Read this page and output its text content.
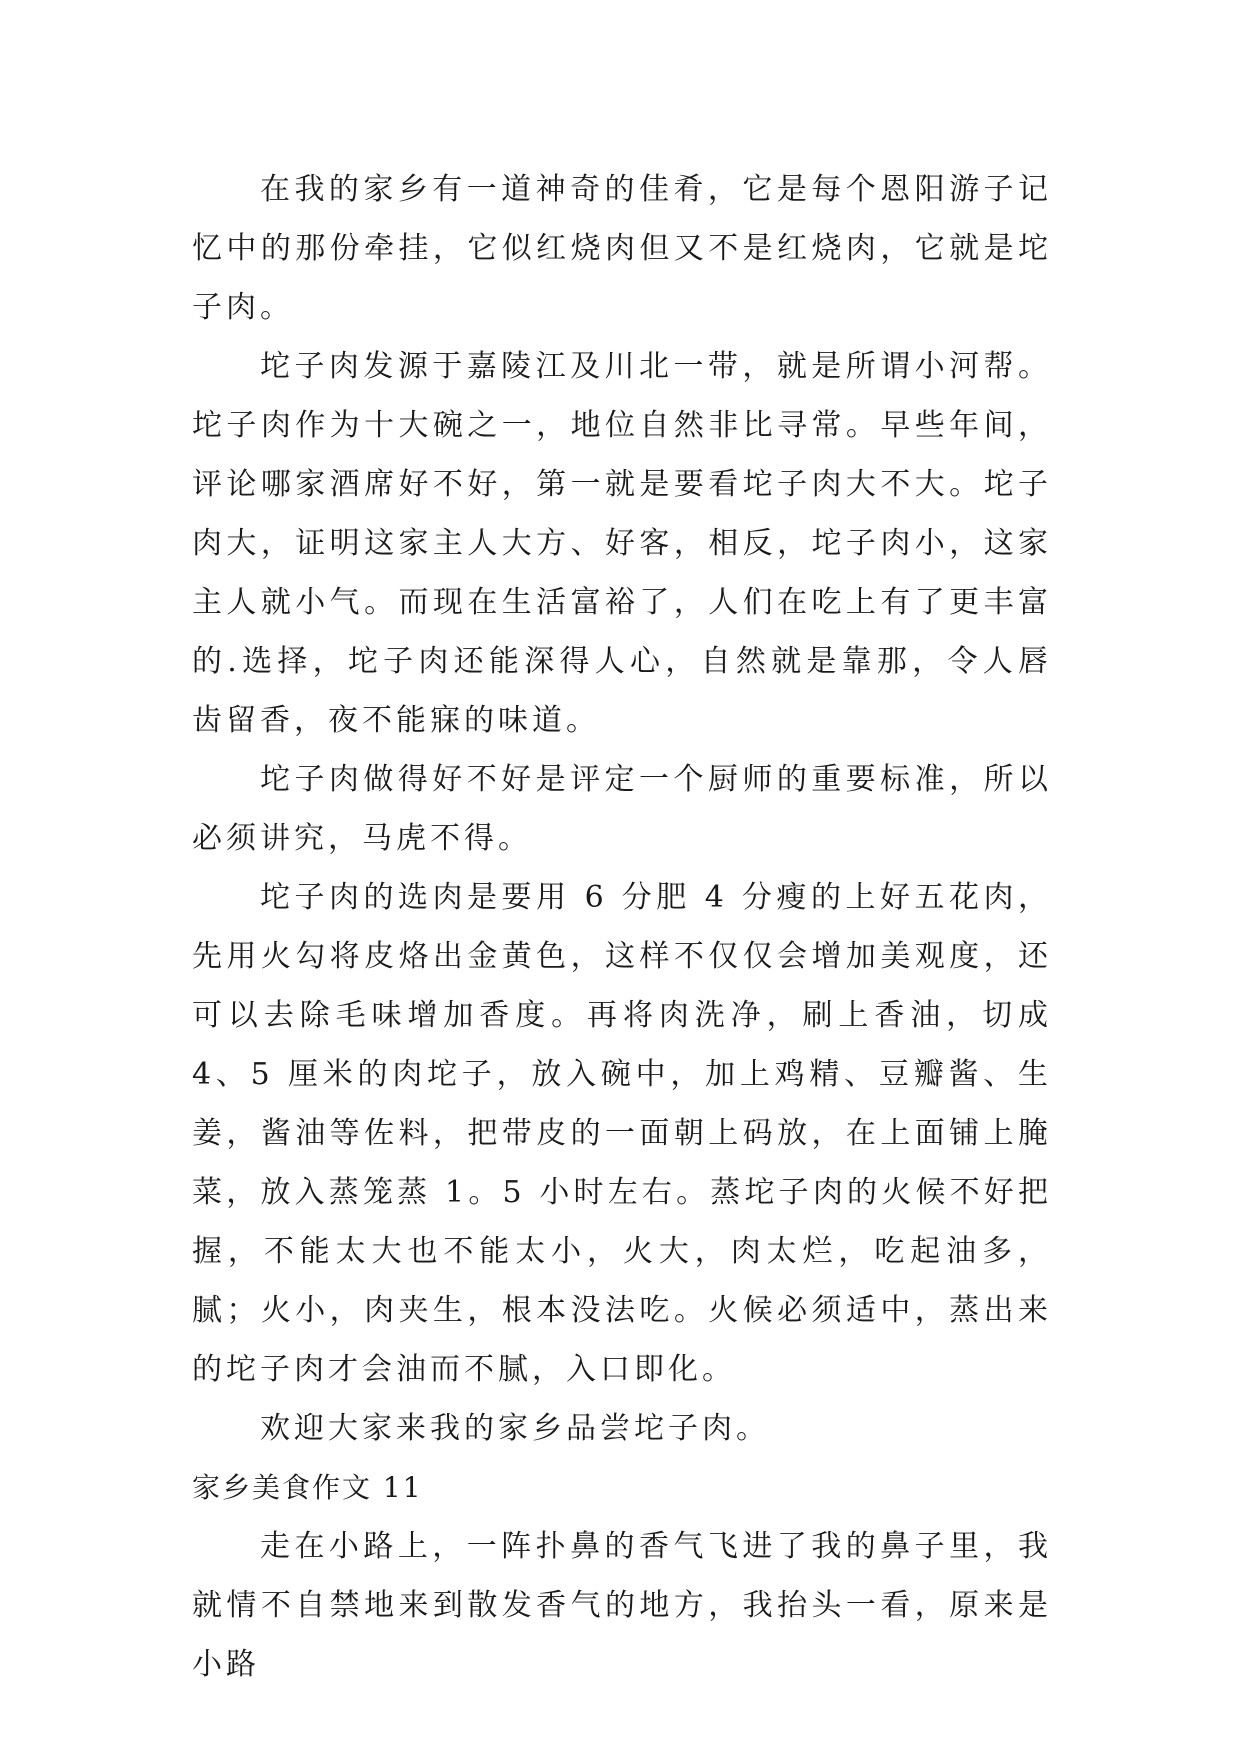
在我的家乡有一道神奇的佳肴，它是每个恩阳游子记忆中的那份牵挂，它似红烧肉但又不是红烧肉，它就是坨子肉。

坨子肉发源于嘉陵江及川北一带，就是所谓小河帮。坨子肉作为十大碗之一，地位自然非比寻常。早些年间，评论哪家酒席好不好，第一就是要看坨子肉大不大。坨子肉大，证明这家主人大方、好客，相反，坨子肉小，这家主人就小气。而现在生活富裕了，人们在吃上有了更丰富的.选择，坨子肉还能深得人心，自然就是靠那，令人唇齿留香，夜不能寐的味道。

坨子肉做得好不好是评定一个厨师的重要标准，所以必须讲究，马虎不得。

坨子肉的选肉是要用 6 分肥 4 分瘦的上好五花肉，先用火勾将皮烙出金黄色，这样不仅仅会增加美观度，还可以去除毛味增加香度。再将肉洗净，刷上香油，切成 4、5 厘米的肉坨子，放入碗中，加上鸡精、豆瓣酱、生姜，酱油等佐料，把带皮的一面朝上码放，在上面铺上腌菜，放入蒸笼蒸 1。5 小时左右。蒸坨子肉的火候不好把握，不能太大也不能太小，火大，肉太烂，吃起油多，腻；火小，肉夹生，根本没法吃。火候必须适中，蒸出来的坨子肉才会油而不腻，入口即化。

欢迎大家来我的家乡品尝坨子肉。

家乡美食作文 11

走在小路上，一阵扑鼻的香气飞进了我的鼻子里，我就情不自禁地来到散发香气的地方，我抬头一看，原来是小路
